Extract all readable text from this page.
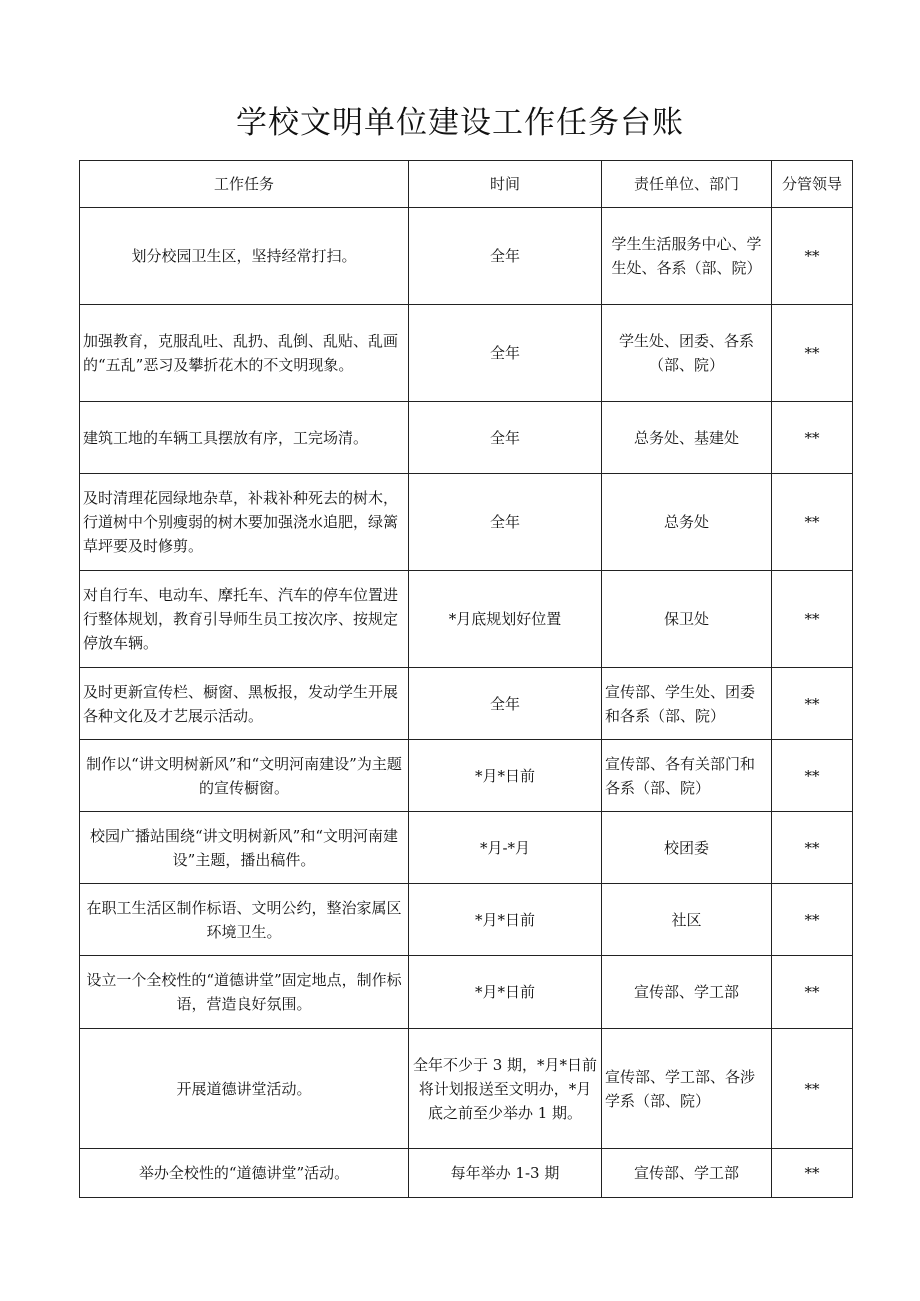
学校文明单位建设工作任务台账
工作任务	时间	责任单位、部门	分管领导
划分校园卫生区，坚持经常打扫。	全年	学生生活服务中心、学生处、各系（部、院）	**
加强教育，克服乱吐、乱扔、乱倒、乱贴、乱画的“五乱”恶习及攀折花木的不文明现象。	全年	学生处、团委、各系（部、院）	**
建筑工地的车辆工具摆放有序，工完场清。	全年	总务处、基建处	**
及时清理花园绿地杂草，补栽补种死去的树木，行道树中个别瘦弱的树木要加强浇水追肥，绿篱草坪要及时修剪。	全年	总务处	**
对自行车、电动车、摩托车、汽车的停车位置进行整体规划，教育引导师生员工按次序、按规定停放车辆。	*月底规划好位置	保卫处	**
及时更新宣传栏、橱窗、黑板报，发动学生开展各种文化及才艺展示活动。	全年	宣传部、学生处、团委和各系（部、院）	**
制作以“讲文明树新风”和“文明河南建设”为主题的宣传橱窗。	*月*日前	宣传部、各有关部门和各系（部、院）	**
校园广播站围绕“讲文明树新风”和“文明河南建设”主题，播出稿件。	*月-*月	校团委	**
在职工生活区制作标语、文明公约，整治家属区环境卫生。	*月*日前	社区	**
设立一个全校性的“道德讲堂”固定地点，制作标语，营造良好氛围。	*月*日前	宣传部、学工部	**
开展道德讲堂活动。	全年不少于 3 期，*月*日前将计划报送至文明办，*月底之前至少举办 1 期。	宣传部、学工部、各涉学系（部、院）	**
举办全校性的“道德讲堂”活动。	每年举办 1-3 期	宣传部、学工部	**
